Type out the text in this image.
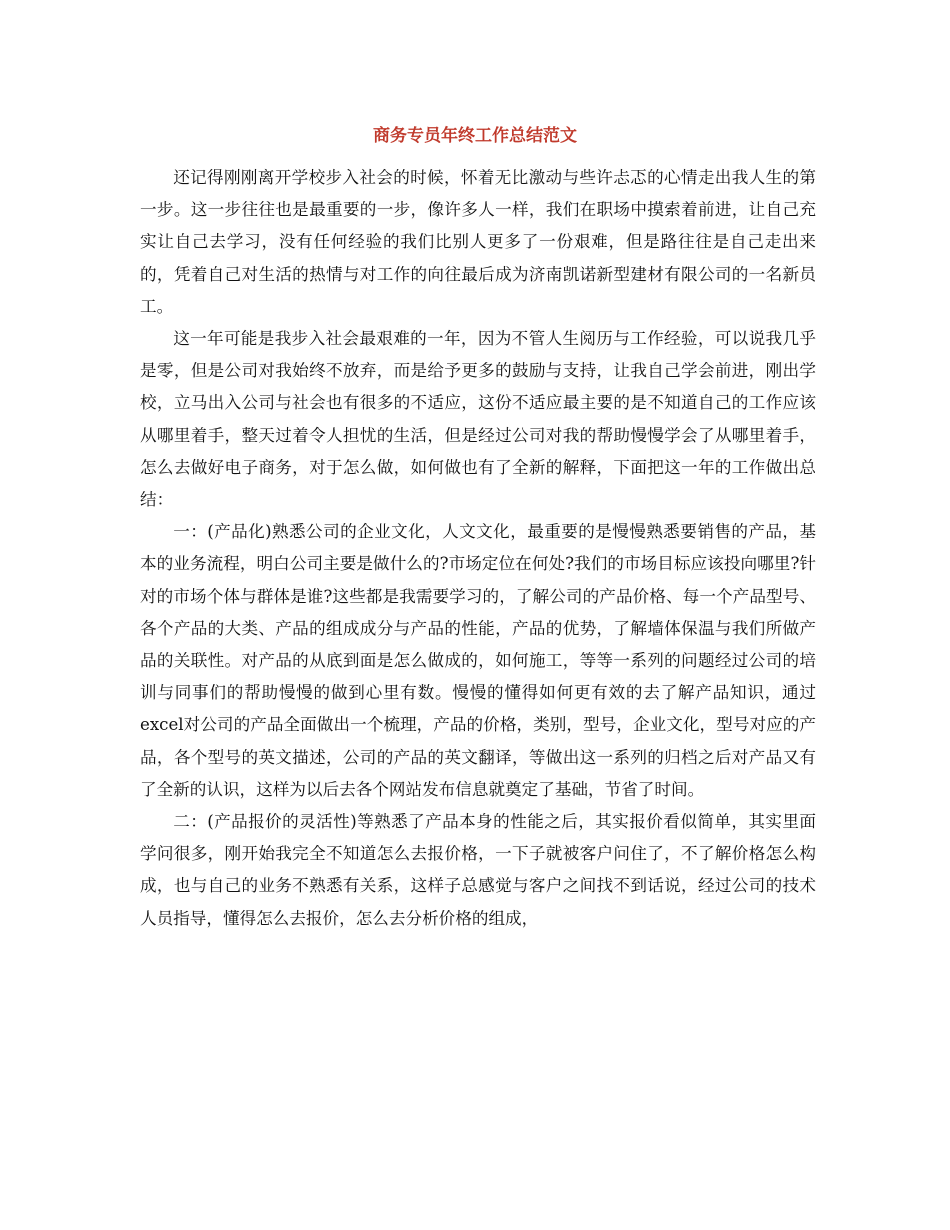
商务专员年终工作总结范文

还记得刚刚离开学校步入社会的时候，怀着无比激动与些许忐忑的心情走出我人生的第一步。这一步往往也是最重要的一步，像许多人一样，我们在职场中摸索着前进，让自己充实让自己去学习，没有任何经验的我们比别人更多了一份艰难，但是路往往是自己走出来的，凭着自己对生活的热情与对工作的向往最后成为济南凯诺新型建材有限公司的一名新员工。

这一年可能是我步入社会最艰难的一年，因为不管人生阅历与工作经验，可以说我几乎是零，但是公司对我始终不放弃，而是给予更多的鼓励与支持，让我自己学会前进，刚出学校，立马出入公司与社会也有很多的不适应，这份不适应最主要的是不知道自己的工作应该从哪里着手，整天过着令人担忧的生活，但是经过公司对我的帮助慢慢学会了从哪里着手，怎么去做好电子商务，对于怎么做，如何做也有了全新的解释，下面把这一年的工作做出总结：

一：(产品化)熟悉公司的企业文化，人文文化，最重要的是慢慢熟悉要销售的产品，基本的业务流程，明白公司主要是做什么的?市场定位在何处?我们的市场目标应该投向哪里?针对的市场个体与群体是谁?这些都是我需要学习的，了解公司的产品价格、每一个产品型号、各个产品的大类、产品的组成成分与产品的性能，产品的优势，了解墙体保温与我们所做产品的关联性。对产品的从底到面是怎么做成的，如何施工，等等一系列的问题经过公司的培训与同事们的帮助慢慢的做到心里有数。慢慢的懂得如何更有效的去了解产品知识，通过excel对公司的产品全面做出一个梳理，产品的价格，类别，型号，企业文化，型号对应的产品，各个型号的英文描述，公司的产品的英文翻译，等做出这一系列的归档之后对产品又有了全新的认识，这样为以后去各个网站发布信息就奠定了基础，节省了时间。

二：(产品报价的灵活性)等熟悉了产品本身的性能之后，其实报价看似简单，其实里面学问很多，刚开始我完全不知道怎么去报价格，一下子就被客户问住了，不了解价格怎么构成，也与自己的业务不熟悉有关系，这样子总感觉与客户之间找不到话说，经过公司的技术人员指导，懂得怎么去报价，怎么去分析价格的组成，
